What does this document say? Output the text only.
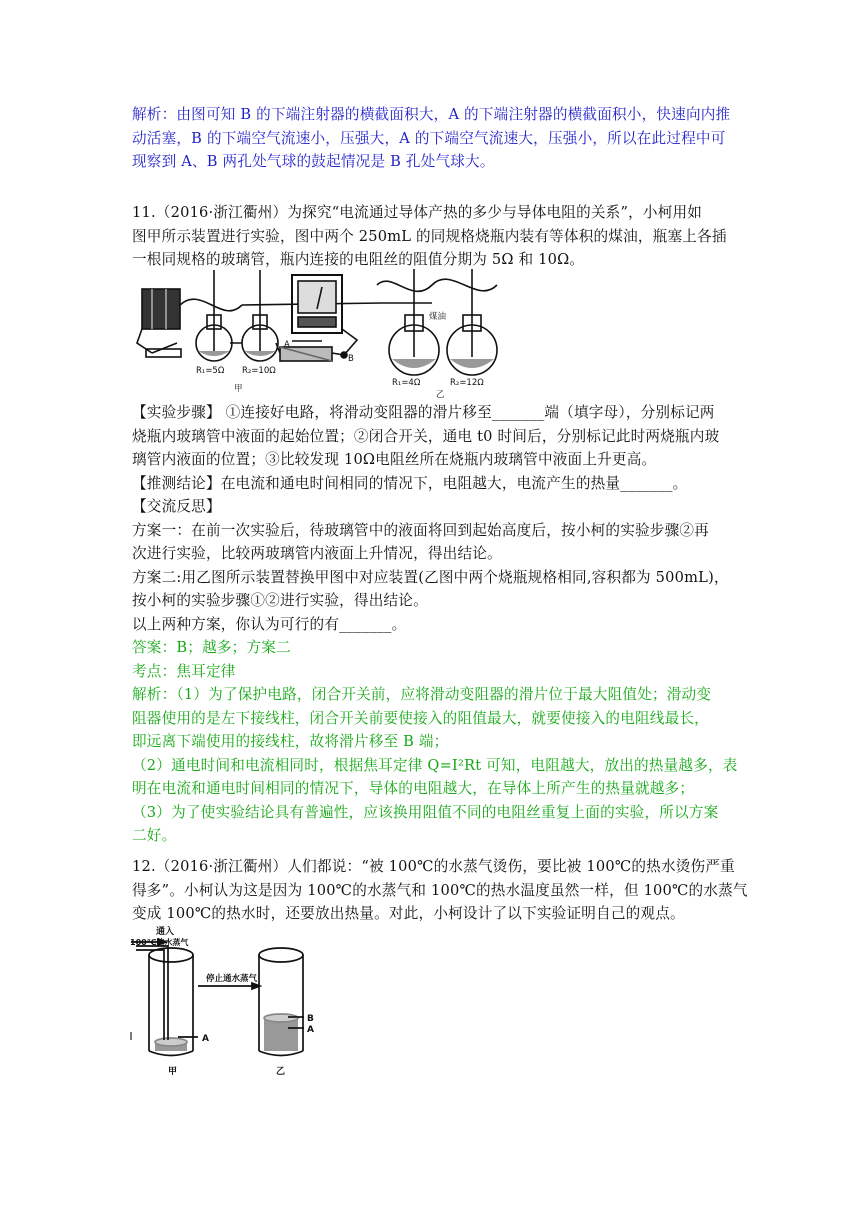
解析：由图可知 B 的下端注射器的横截面积大，A 的下端注射器的横截面积小，快速向内推
动活塞，B 的下端空气流速小，压强大，A 的下端空气流速大，压强小，所以在此过程中可
现察到 A、B 两孔处气球的鼓起情况是 B 孔处气球大。
11.（2016·浙江衢州）为探究“电流通过导体产热的多少与导体电阻的关系”，小柯用如
图甲所示装置进行实验，图中两个 250mL 的同规格烧瓶内装有等体积的煤油，瓶塞上各插
一根同规格的玻璃管，瓶内连接的电阻丝的阻值分期为 5Ω 和 10Ω。
R₁=5Ω R₂=10Ω
A
B
甲
煤油
R₁=4Ω	R₂=12Ω
乙
【实验步骤】 ①连接好电路，将滑动变阻器的滑片移至_______端（填字母），分别标记两
烧瓶内玻璃管中液面的起始位置；②闭合开关，通电 t0 时间后，分别标记此时两烧瓶内玻
璃管内液面的位置；③比较发现 10Ω电阻丝所在烧瓶内玻璃管中液面上升更高。
【推测结论】在电流和通电时间相同的情况下，电阻越大，电流产生的热量_______。
【交流反思】
方案一：在前一次实验后，待玻璃管中的液面将回到起始高度后，按小柯的实验步骤②再
次进行实验，比较两玻璃管内液面上升情况，得出结论。
方案二:用乙图所示装置替换甲图中对应装置(乙图中两个烧瓶规格相同,容积都为 500mL)，
按小柯的实验步骤①②进行实验，得出结论。
以上两种方案，你认为可行的有_______。
答案：B；越多；方案二
考点：焦耳定律
解析：（1）为了保护电路，闭合开关前，应将滑动变阻器的滑片位于最大阻值处；滑动变
阻器使用的是左下接线柱，闭合开关前要使接入的阻值最大，就要使接入的电阻线最长，
即远离下端使用的接线柱，故将滑片移至 B 端；
（2）通电时间和电流相同时，根据焦耳定律 Q=I²Rt 可知，电阻越大，放出的热量越多，表
明在电流和通电时间相同的情况下，导体的电阻越大，在导体上所产生的热量就越多；
（3）为了使实验结论具有普遍性，应该换用阻值不同的电阻丝重复上面的实验，所以方案
二好。
12.（2016·浙江衢州）人们都说：“被 100℃的水蒸气烫伤，要比被 100℃的热水烫伤严重
得多”。小柯认为这是因为 100℃的水蒸气和 100℃的热水温度虽然一样，但 100℃的水蒸气
变成 100℃的热水时，还要放出热量。对此，小柯设计了以下实验证明自己的观点。
通入
100℃的水蒸气
停止通水蒸气
A
B
A
甲	乙
